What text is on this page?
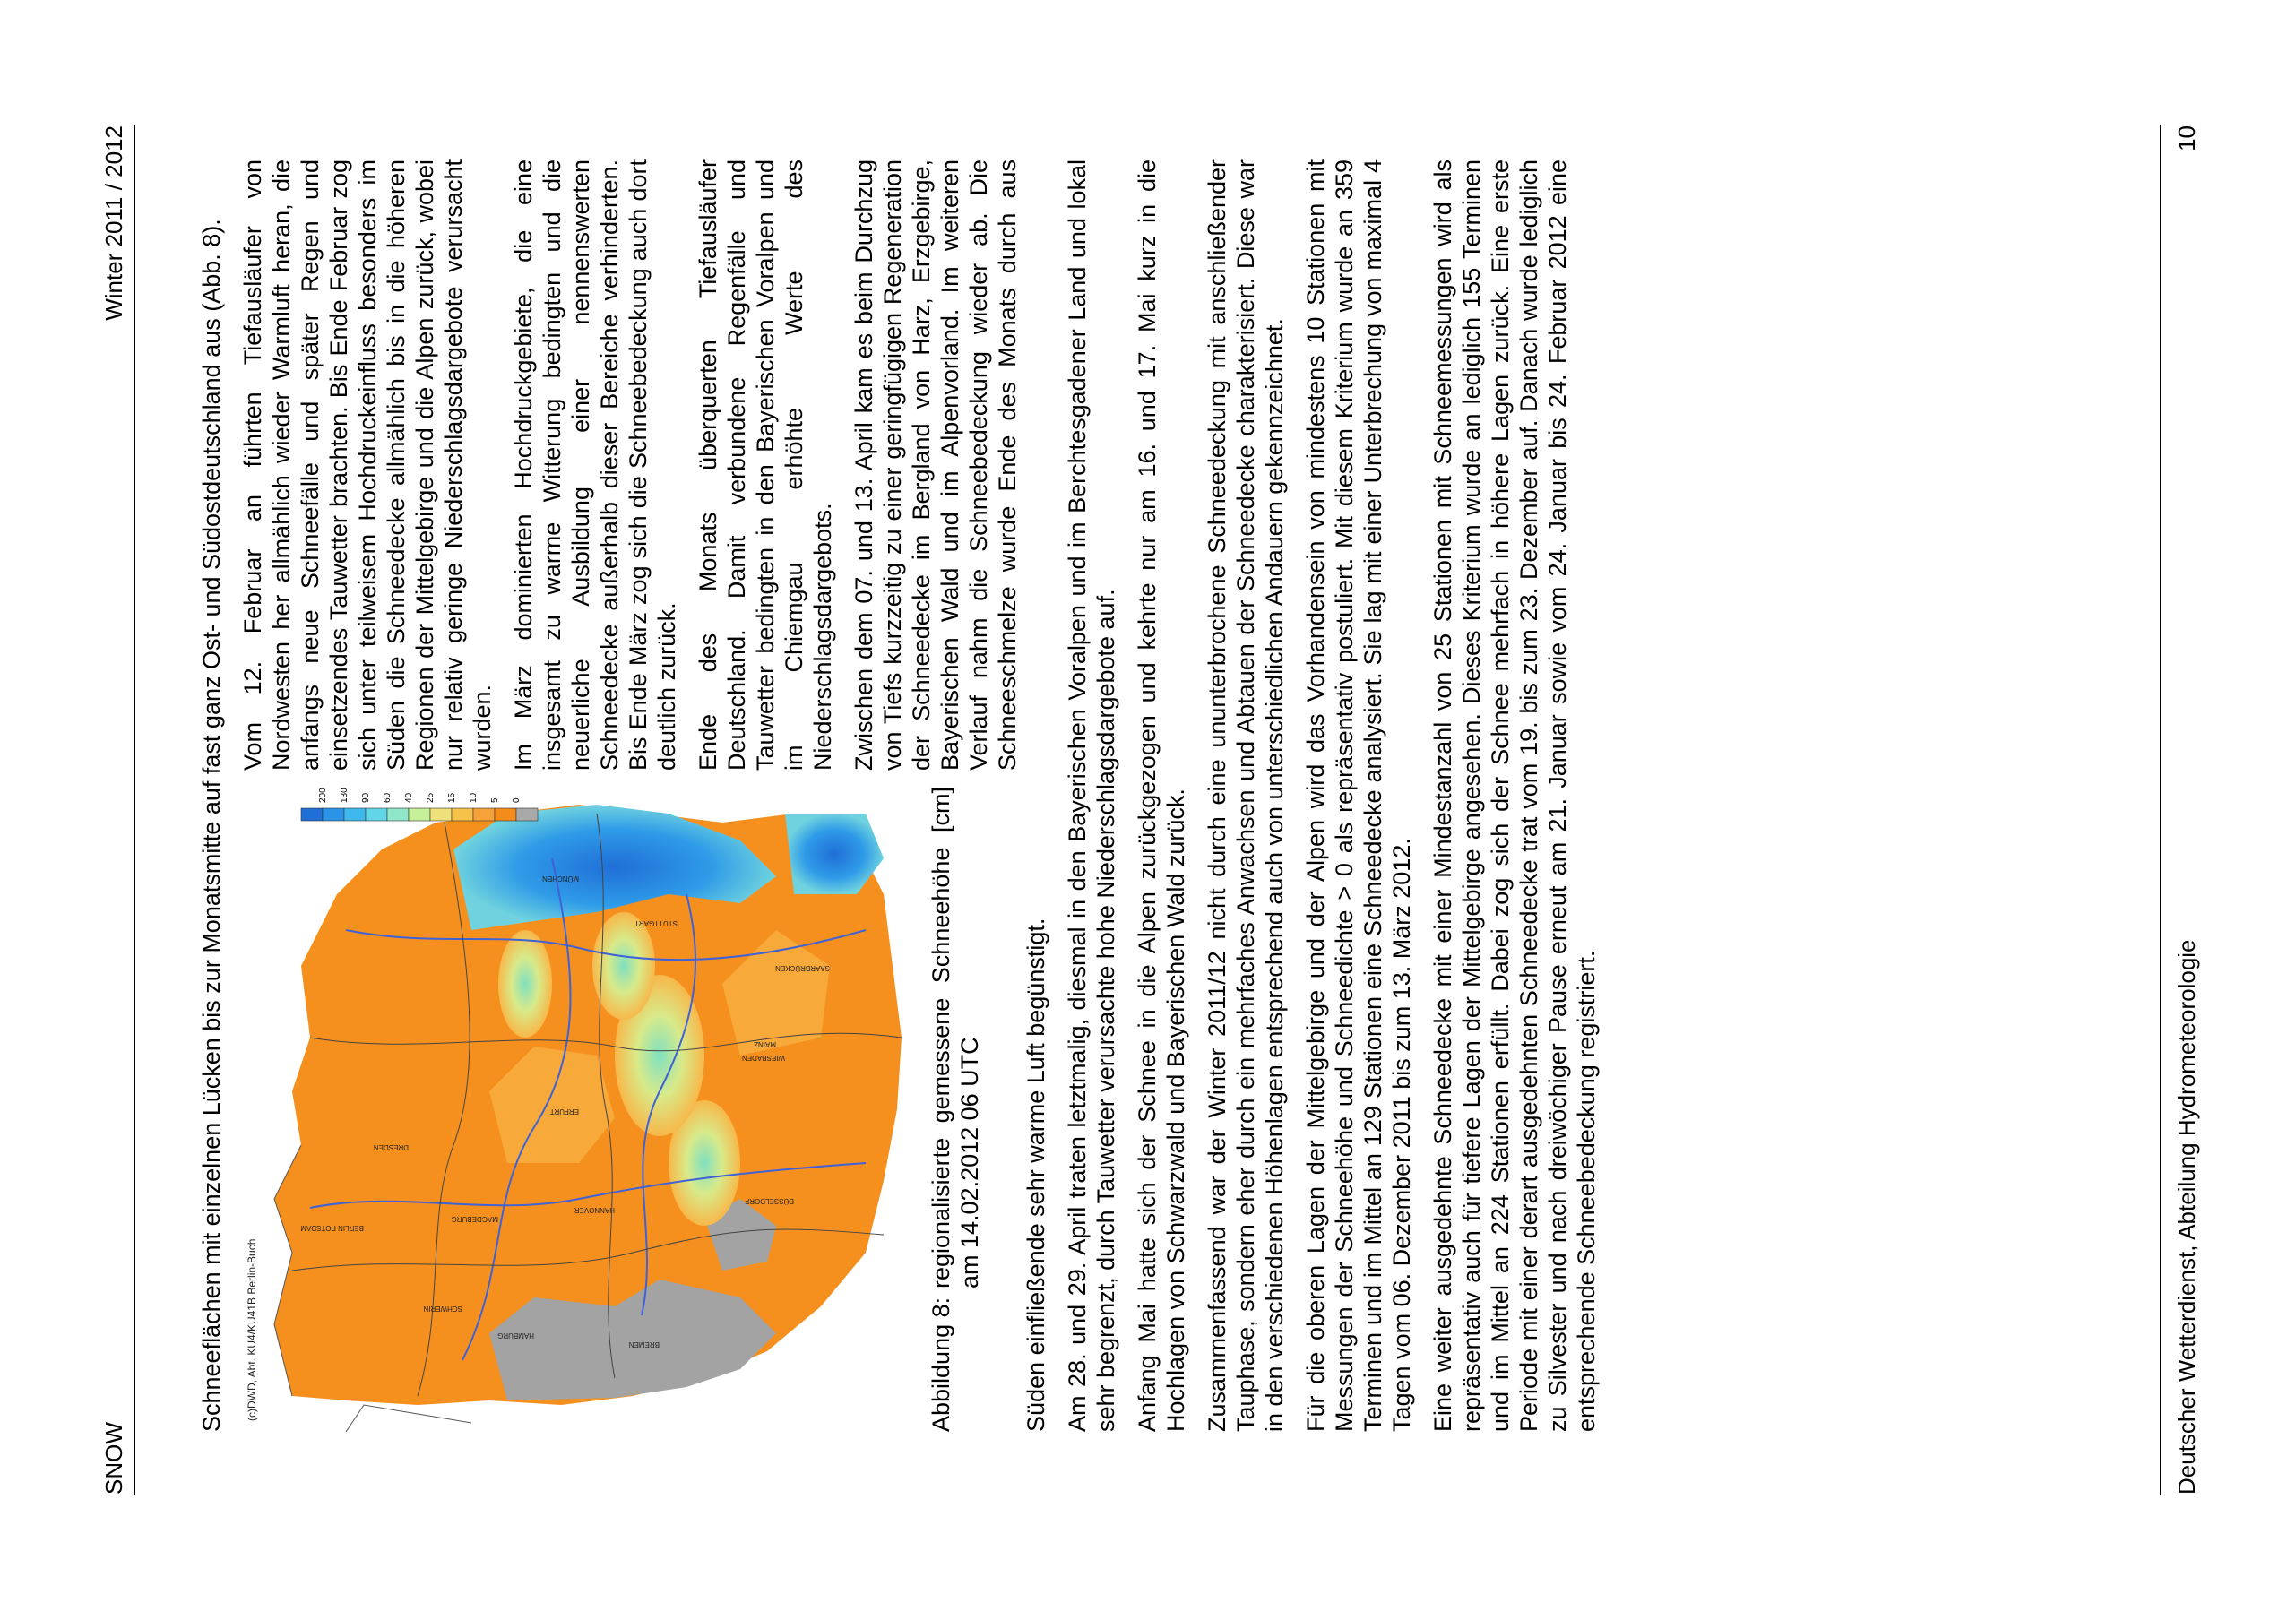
SNOW
Winter 2011 / 2012	Schneeflächen mit einzelnen Lücken bis zur Monatsmitte auf fast ganz Ost- und Südostdeutschland aus (Abb. 8).	HAMBURG
SCHWERIN
BERLIN POTSDAM
HANNOVER
MAGDEBURG
BREMEN
DÜSSELDORF
ERFURT
DRESDEN
WIESBADEN
MAINZ
SAARBRÜCKEN
STUTTGART
MÜNCHEN
(c)DWD, Abt. KU4/KU41B Berlin-Buch
200 130 90 60 40 25 15 10 5 0

Vom 12. Februar an führten Tiefausläufer von Nordwesten her allmählich wieder Warmluft heran, die anfangs neue Schneefälle und später Regen und einsetzendes Tauwetter brachten. Bis Ende Februar zog sich unter teilweisem Hochdruckeinfluss besonders im Süden die Schneedecke allmählich bis in die höheren Regionen der Mittelgebirge und die Alpen zurück, wobei nur relativ geringe Niederschlagsdargebote verursacht wurden. Im März dominierten Hochdruckgebiete, die eine insgesamt zu warme Witterung bedingten und die neuerliche Ausbildung einer nennenswerten Schneedecke außerhalb dieser Bereiche verhinderten. Bis Ende März zog sich die Schneebedeckung auch dort deutlich zurück. Ende des Monats überquerten Tiefausläufer Deutschland. Damit verbundene Regenfälle und Tauwetter bedingten in den Bayerischen Voralpen und im Chiemgau erhöhte Werte des Niederschlagsdargebots.

Abbildung 8:
regionalisierte gemessene Schneehöhe [cm] am 14.02.2012 06 UTC

Zwischen dem 07. und 13. April kam es beim Durchzug von Tiefs kurzzeitig zu einer geringfügigen Regeneration der Schneedecke im Bergland von Harz, Erzgebirge, Bayerischen Wald und im Alpenvorland. Im weiteren Verlauf nahm die Schneebedeckung wieder ab. Die Schneeschmelze wurde Ende des Monats durch aus Süden einfließende sehr warme Luft begünstigt. Am 28. und 29. April traten letztmalig, diesmal in den Bayerischen Voralpen und im Berchtesgadener Land und lokal sehr begrenzt, durch Tauwetter verursachte hohe Niederschlagsdargebote auf. Anfang Mai hatte sich der Schnee in die Alpen zurückgezogen und kehrte nur am 16. und 17. Mai kurz in die Hochlagen von Schwarzwald und Bayerischen Wald zurück. Zusammenfassend war der Winter 2011/12 nicht durch eine ununterbrochene Schneedeckung mit anschließender Tauphase, sondern eher durch ein mehrfaches Anwachsen und Abtauen der Schneedecke charakterisiert. Diese war in den verschiedenen Höhenlagen entsprechend auch von unterschiedlichen Andauern gekennzeichnet. Für die oberen Lagen der Mittelgebirge und der Alpen wird das Vorhandensein von mindestens 10 Stationen mit Messungen der Schneehöhe und Schneedichte > 0 als repräsentativ postuliert. Mit diesem Kriterium wurde an 359 Terminen und im Mittel an 129 Stationen eine Schneedecke analysiert. Sie lag mit einer Unterbrechung von maximal 4 Tagen vom 06. Dezember 2011 bis zum 13. März 2012. Eine weiter ausgedehnte Schneedecke mit einer Mindestanzahl von 25 Stationen mit Schneemessungen wird als repräsentativ auch für tiefere Lagen der Mittelgebirge angesehen. Dieses Kriterium wurde an lediglich 155 Terminen und im Mittel an 224 Stationen erfüllt. Dabei zog sich der Schnee mehrfach in höhere Lagen zurück. Eine erste Periode mit einer derart ausgedehnten Schneedecke trat vom 19. bis zum 23. Dezember auf. Danach wurde lediglich zu Silvester und nach dreiwöchiger Pause erneut am 21. Januar sowie vom 24. Januar bis 24. Februar 2012 eine entsprechende Schneebedeckung registriert.	Deutscher Wetterdienst, Abteilung Hydrometeorologie
10
